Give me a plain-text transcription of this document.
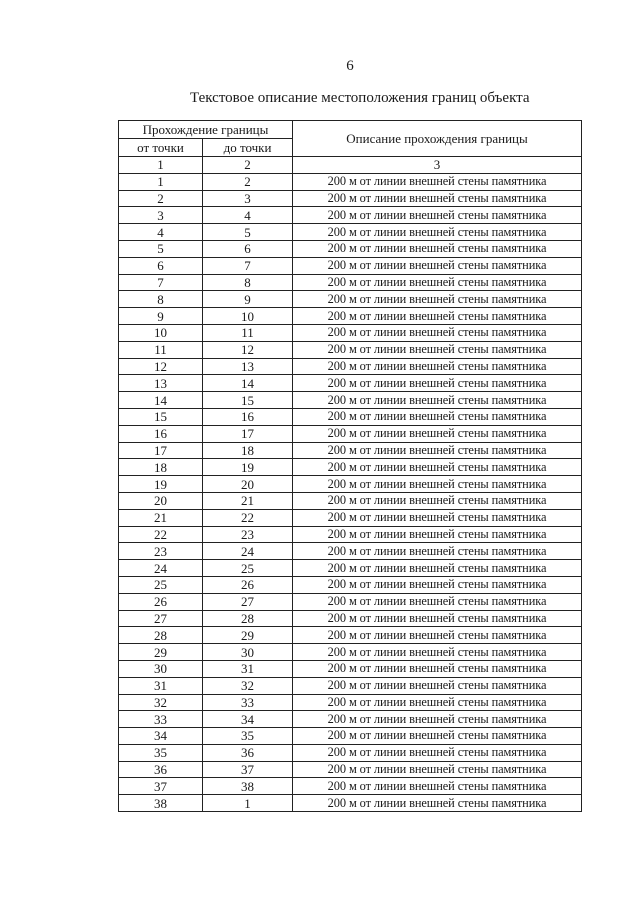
6
Текстовое описание местоположения границ объекта
Прохождение границы		Описание прохождения границы
от точки	до точки	
1	2	3
1	2	200 м от линии внешней стены памятника
2	3	200 м от линии внешней стены памятника
3	4	200 м от линии внешней стены памятника
4	5	200 м от линии внешней стены памятника
5	6	200 м от линии внешней стены памятника
6	7	200 м от линии внешней стены памятника
7	8	200 м от линии внешней стены памятника
8	9	200 м от линии внешней стены памятника
9	10	200 м от линии внешней стены памятника
10	11	200 м от линии внешней стены памятника
11	12	200 м от линии внешней стены памятника
12	13	200 м от линии внешней стены памятника
13	14	200 м от линии внешней стены памятника
14	15	200 м от линии внешней стены памятника
15	16	200 м от линии внешней стены памятника
16	17	200 м от линии внешней стены памятника
17	18	200 м от линии внешней стены памятника
18	19	200 м от линии внешней стены памятника
19	20	200 м от линии внешней стены памятника
20	21	200 м от линии внешней стены памятника
21	22	200 м от линии внешней стены памятника
22	23	200 м от линии внешней стены памятника
23	24	200 м от линии внешней стены памятника
24	25	200 м от линии внешней стены памятника
25	26	200 м от линии внешней стены памятника
26	27	200 м от линии внешней стены памятника
27	28	200 м от линии внешней стены памятника
28	29	200 м от линии внешней стены памятника
29	30	200 м от линии внешней стены памятника
30	31	200 м от линии внешней стены памятника
31	32	200 м от линии внешней стены памятника
32	33	200 м от линии внешней стены памятника
33	34	200 м от линии внешней стены памятника
34	35	200 м от линии внешней стены памятника
35	36	200 м от линии внешней стены памятника
36	37	200 м от линии внешней стены памятника
37	38	200 м от линии внешней стены памятника
38	1	200 м от линии внешней стены памятника
